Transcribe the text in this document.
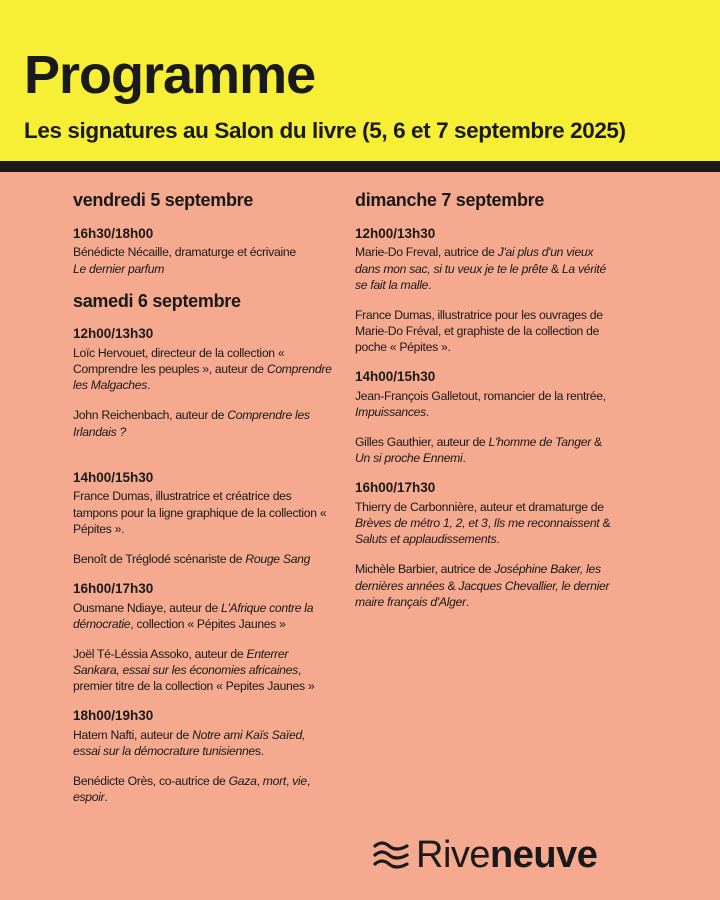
Programme
Les signatures au Salon du livre (5, 6 et 7 septembre 2025)
vendredi 5 septembre
16h30/18h00

Bénédicte Nécaille, dramaturge et écrivaine
Le dernier parfum

samedi 6 septembre
12h00/13h30

Loïc Hervouet, directeur de la collection « Comprendre les peuples », auteur de Comprendre les Malgaches.

John Reichenbach, auteur de Comprendre les Irlandais ?

14h00/15h30

France Dumas, illustratrice et créatrice des tampons pour la ligne graphique de la collection « Pépites ».

Benoît de Tréglodé scénariste de Rouge Sang

16h00/17h30

Ousmane Ndiaye, auteur de L'Afrique contre la démocratie, collection « Pépites Jaunes »

Joël Té-Léssia Assoko, auteur de Enterrer Sankara, essai sur les économies africaines, premier titre de la collection « Pepites Jaunes »

18h00/19h30

Hatem Nafti, auteur de Notre ami Kaïs Saïed, essai sur la démocrature tunisiennes.

Benédicte Orès, co-autrice de Gaza, mort, vie, espoir.

dimanche 7 septembre
12h00/13h30

Marie-Do Freval, autrice de J'ai plus d'un vieux dans mon sac, si tu veux je te le prête & La vérité se fait la malle.

France Dumas, illustratrice pour les ouvrages de Marie-Do Fréval, et graphiste de la collection de poche « Pépites ».

14h00/15h30

Jean-François Galletout, romancier de la rentrée, Impuissances.

Gilles Gauthier, auteur de L'homme de Tanger & Un si proche Ennemi.

16h00/17h30

Thierry de Carbonnière, auteur et dramaturge de Brèves de métro 1, 2, et 3, Ils me reconnaissent & Saluts et applaudissements.

Michèle Barbier, autrice de Joséphine Baker, les dernières années & Jacques Chevallier, le dernier maire français d'Alger.

Riveneuve
